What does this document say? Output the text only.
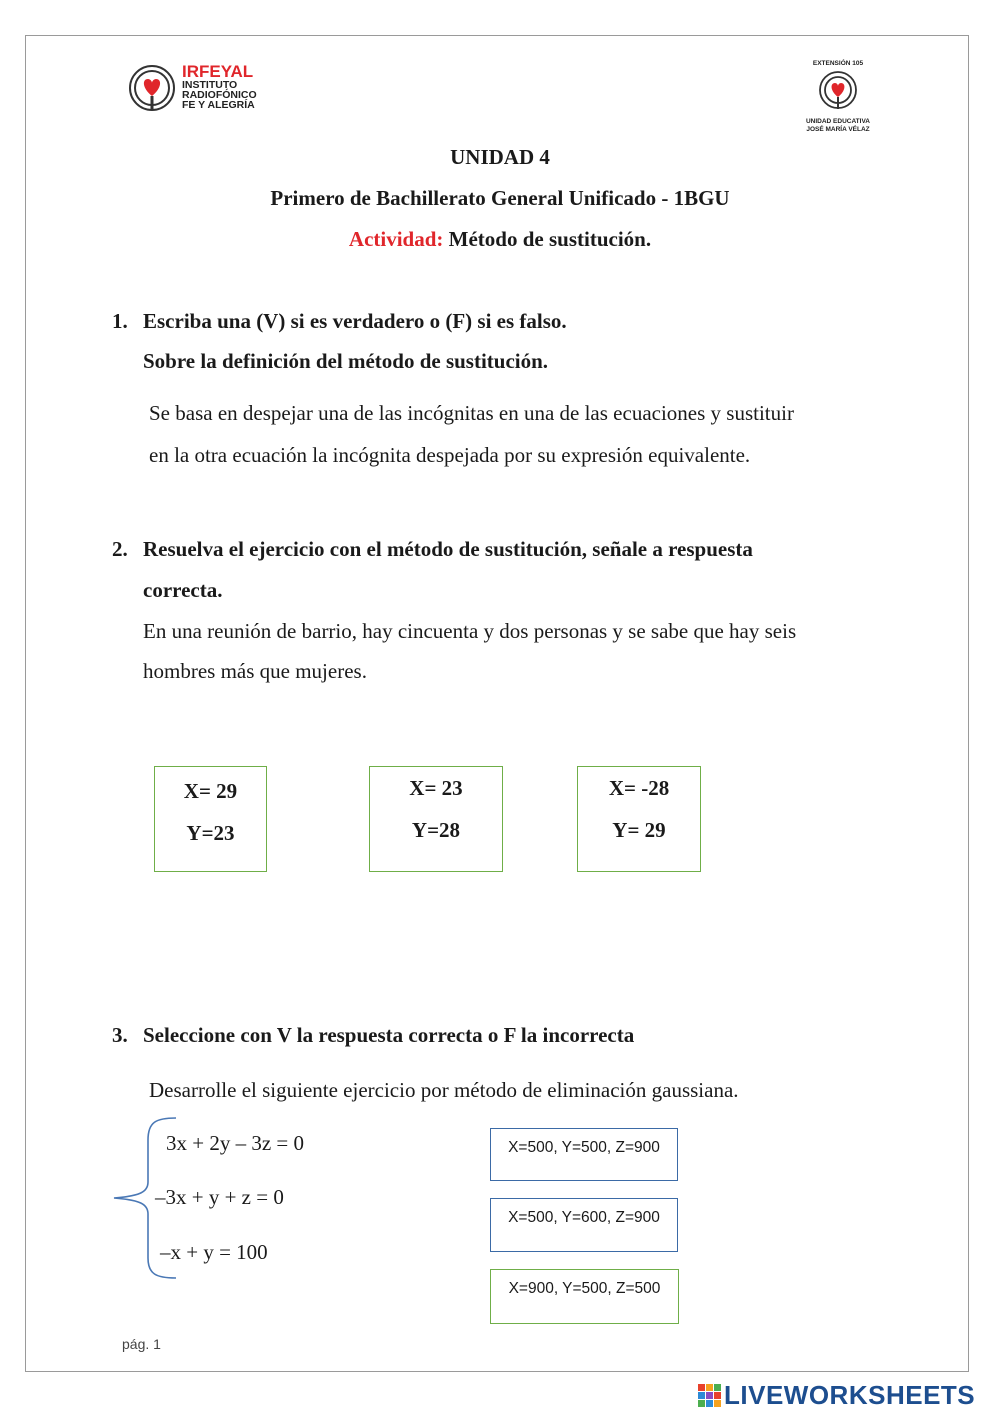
IRFEYAL
INSTITUTO
RADIOFÓNICO
FE Y ALEGRÍA
EXTENSIÓN 105
UNIDAD EDUCATIVA
JOSÉ MARÍA VÉLAZ
UNIDAD 4
Primero de Bachillerato General Unificado - 1BGU
Actividad: Método de sustitución.
1. Escriba una (V) si es verdadero o (F) si es falso.
Sobre la definición del método de sustitución.
Se basa en despejar una de las incógnitas en una de las ecuaciones y sustituir
en la otra ecuación la incógnita despejada por su expresión equivalente.
2. Resuelva el ejercicio con el método de sustitución, señale a respuesta
correcta.
En una reunión de barrio, hay cincuenta y dos personas y se sabe que hay seis
hombres más que mujeres.
X= 29
Y=23
X= 23
Y=28
X= -28
Y= 29
3. Seleccione con V la respuesta correcta o F la incorrecta
Desarrolle el siguiente ejercicio por método de eliminación gaussiana.
3x + 2y – 3z = 0
–3x + y + z = 0
–x + y = 100
X=500, Y=500, Z=900
X=500, Y=600, Z=900
X=900, Y=500, Z=500
pág. 1
LIVEWORKSHEETS
